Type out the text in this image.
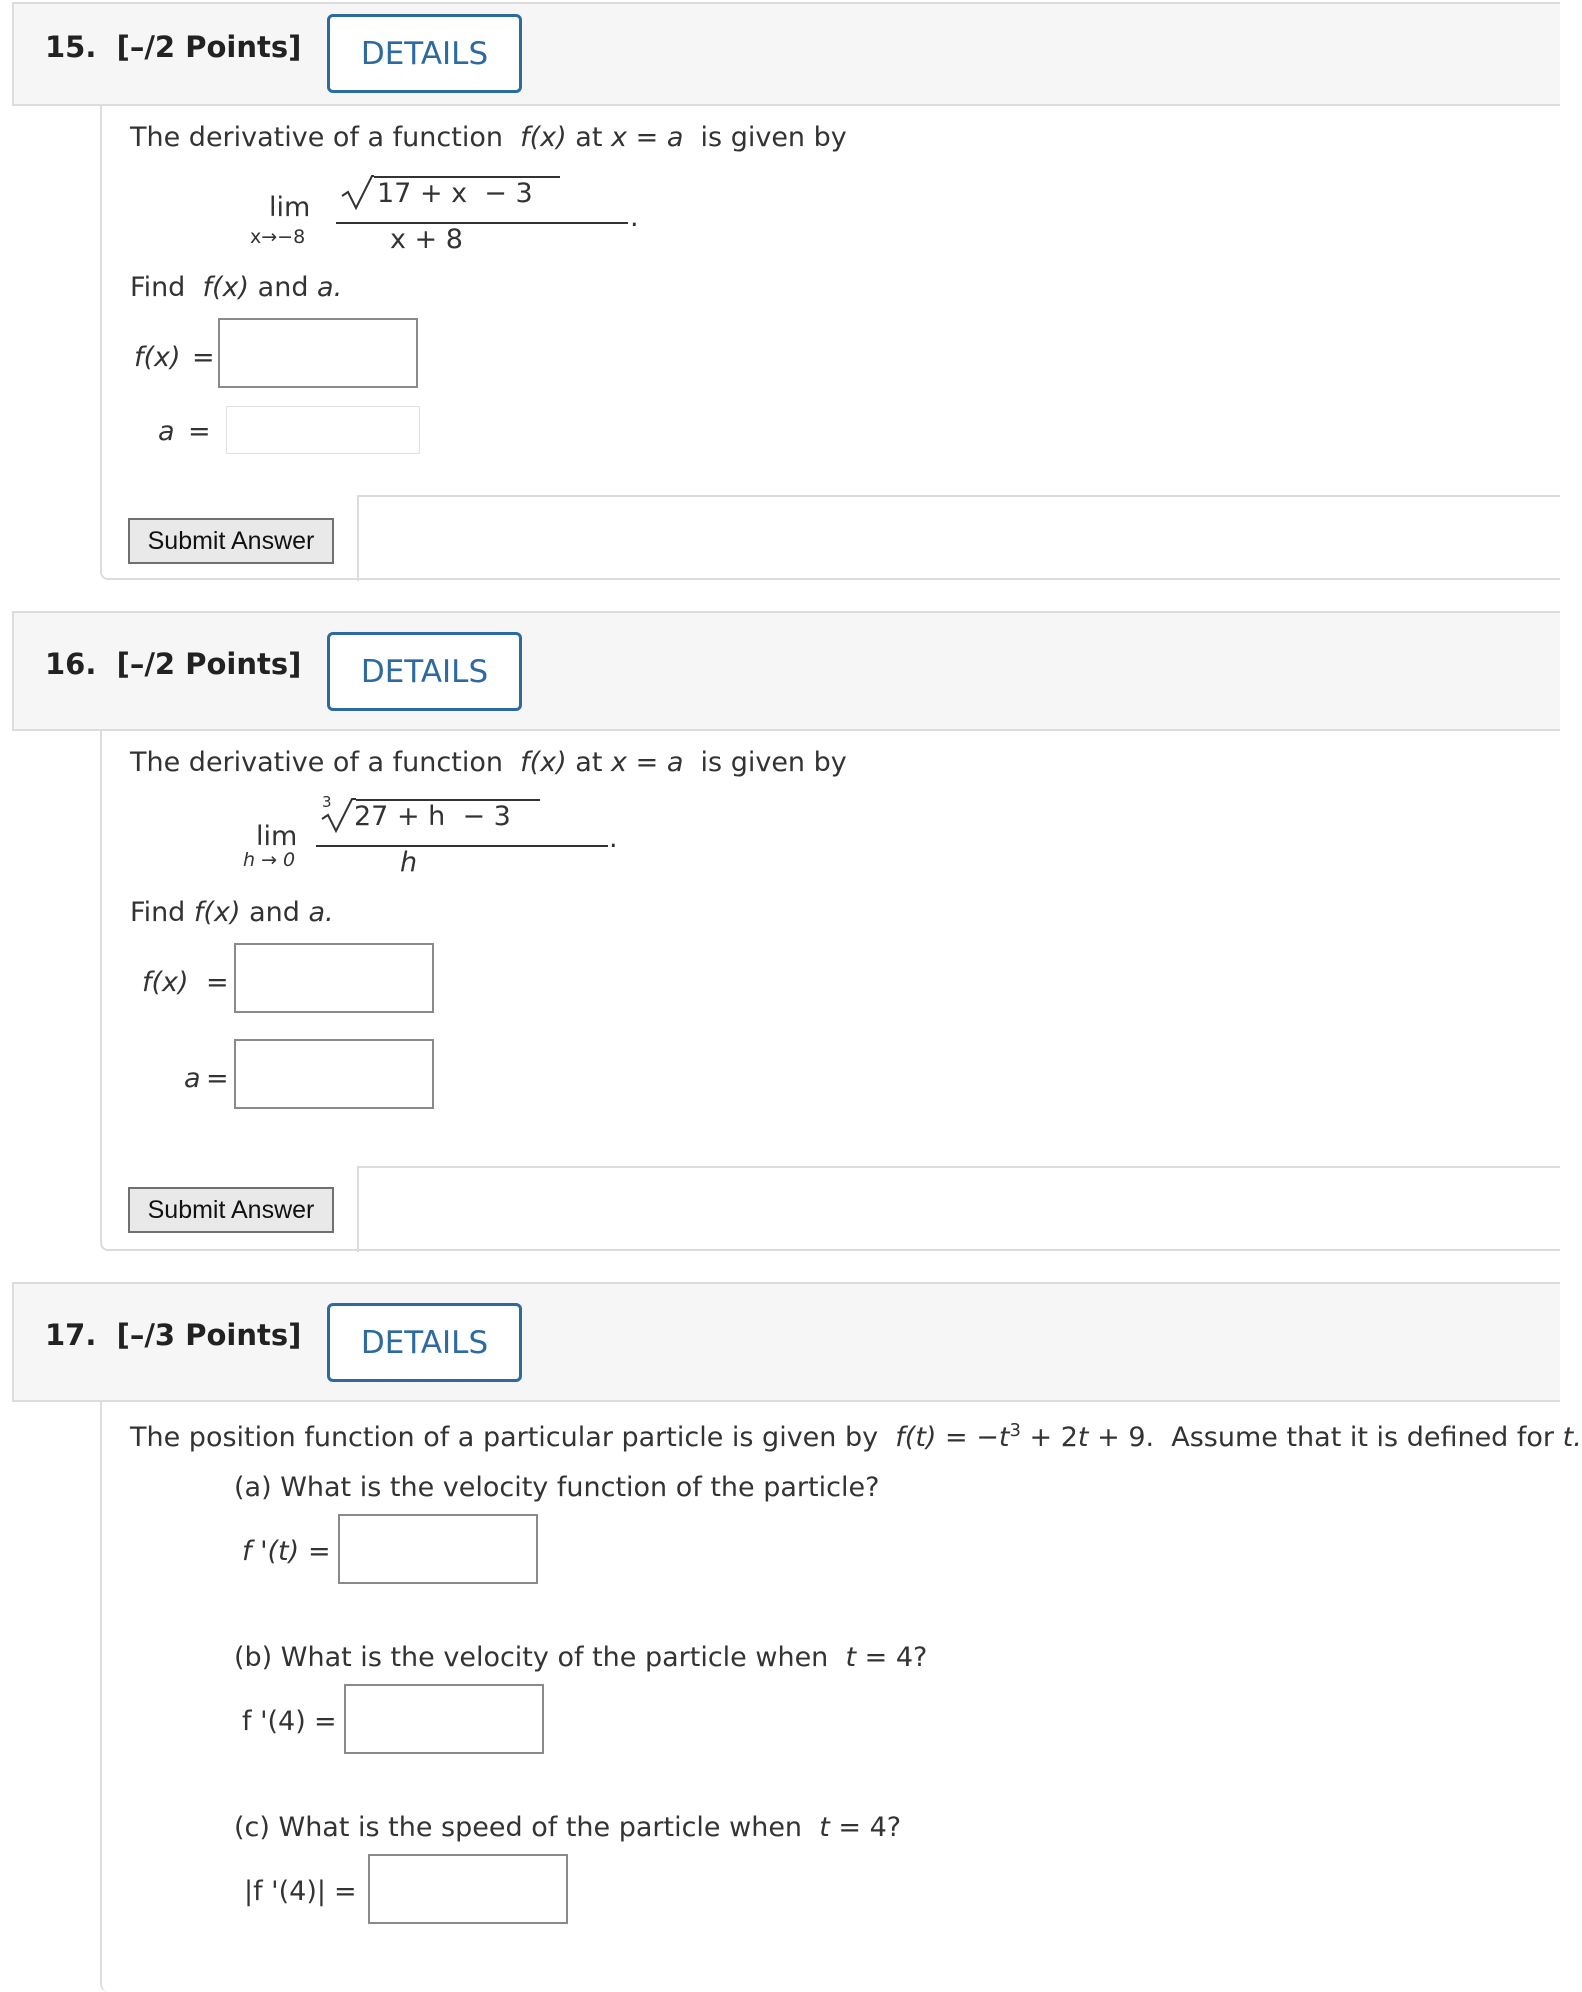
15. [–/2 Points]	DETAILS
The derivative of a function f(x) at x = a is given by
lim
x→−8
17 + x − 3
.
x + 8
Find f(x) and a.
f(x) =
a =
Submit Answer
16. [–/2 Points]	DETAILS
The derivative of a function f(x) at x = a is given by
lim
h → 0
3 27 + h − 3
.
h
Find f(x) and a.
f(x) =
a =
Submit Answer
17. [–/3 Points]	DETAILS
The position function of a particular particle is given by $f(t) = -t^3 + 2t + 9$. Assume that it is defined for t.
(a) What is the velocity function of the particle?
f '(t) =
(b) What is the velocity of the particle when t = 4?
f '(4) =
(c) What is the speed of the particle when t = 4?
|f '(4)| =
